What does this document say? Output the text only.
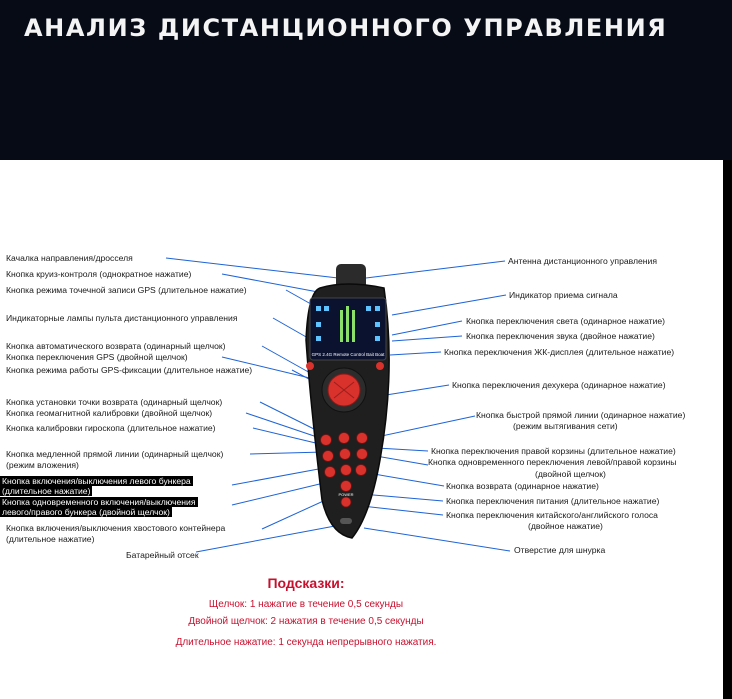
АНАЛИЗ ДИСТАНЦИОННОГО УПРАВЛЕНИЯ
GPS 2.4G Remote Control Bait Boat
POWER
Качалка направления/дросселя
Кнопка круиз-контроля (однократное нажатие)
Кнопка режима точечной записи GPS (длительное нажатие)
Индикаторные лампы пульта дистанционного управления
Кнопка автоматического возврата (одинарный щелчок)
Кнопка переключения GPS (двойной щелчок)
Кнопка режима работы GPS-фиксации (длительное нажатие)
Кнопка установки точки возврата (одинарный щелчок)
Кнопка геомагнитной калибровки (двойной щелчок)
Кнопка калибровки гироскопа (длительное нажатие)
Кнопка медленной прямой линии (одинарный щелчок)
(режим вложения)
Кнопка включения/выключения левого бункера
(длительное нажатие)
Кнопка одновременного включения/выключения
левого/правого бункера (двойной щелчок)
Кнопка включения/выключения хвостового контейнера
(длительное нажатие)
Батарейный отсек
Антенна дистанционного управления
Индикатор приема сигнала
Кнопка переключения света (одинарное нажатие)
Кнопка переключения звука (двойное нажатие)
Кнопка переключения ЖК-дисплея (длительное нажатие)
Кнопка переключения дехукера (одинарное нажатие)
Кнопка быстрой прямой линии (одинарное нажатие)
(режим вытягивания сети)
Кнопка переключения правой корзины (длительное нажатие)
Кнопка одновременного переключения левой/правой корзины
(двойной щелчок)
Кнопка возврата (одинарное нажатие)
Кнопка переключения питания (длительное нажатие)
Кнопка переключения китайского/английского голоса
(двойное нажатие)
Отверстие для шнурка
Подсказки:
Щелчок: 1 нажатие в течение 0,5 секунды
Двойной щелчок: 2 нажатия в течение 0,5 секунды
Длительное нажатие: 1 секунда непрерывного нажатия.
